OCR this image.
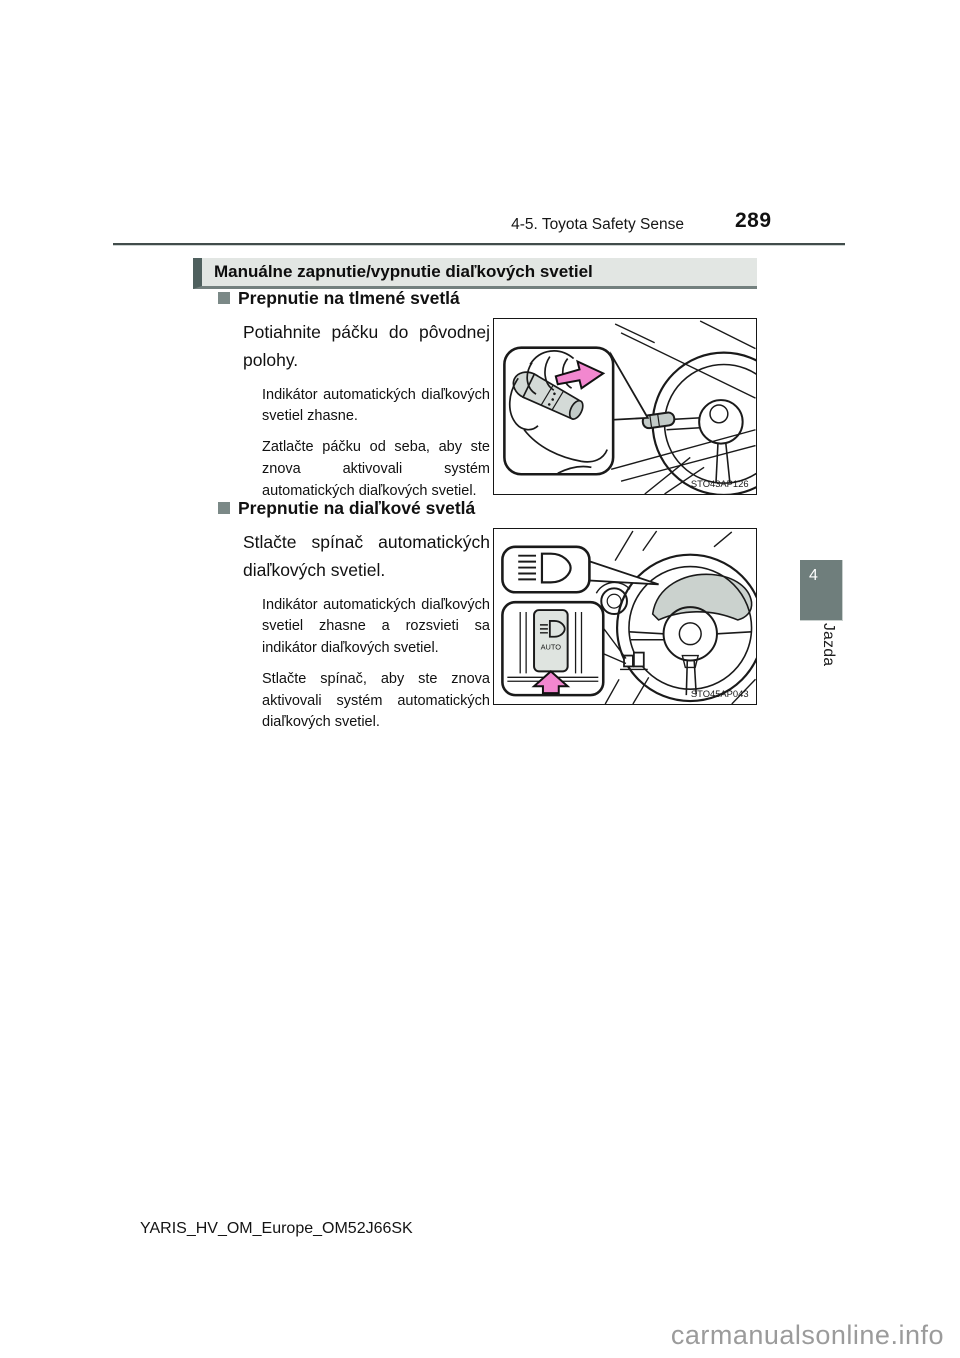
4-5. Toyota Safety Sense 289
Manuálne zapnutie/vypnutie diaľkových svetiel
Prepnutie na tlmené svetlá
Potiahnite páčku do pôvodnej polohy.
Indikátor automatických diaľkových svetiel zhasne.
Zatlačte páčku od seba, aby ste znova aktivovali systém automatických diaľkových svetiel.	STO43AP126
Prepnutie na diaľkové svetlá
Stlačte spínač automatických diaľkových svetiel.
Indikátor automatických diaľkových svetiel zhasne a rozsvieti sa indikátor diaľkových svetiel.
Stlačte spínač, aby ste znova aktivovali systém automatických diaľkových svetiel.
AUTO
STO45AP043
4
Jazda
YARIS_HV_OM_Europe_OM52J66SK
carmanualsonline.info
